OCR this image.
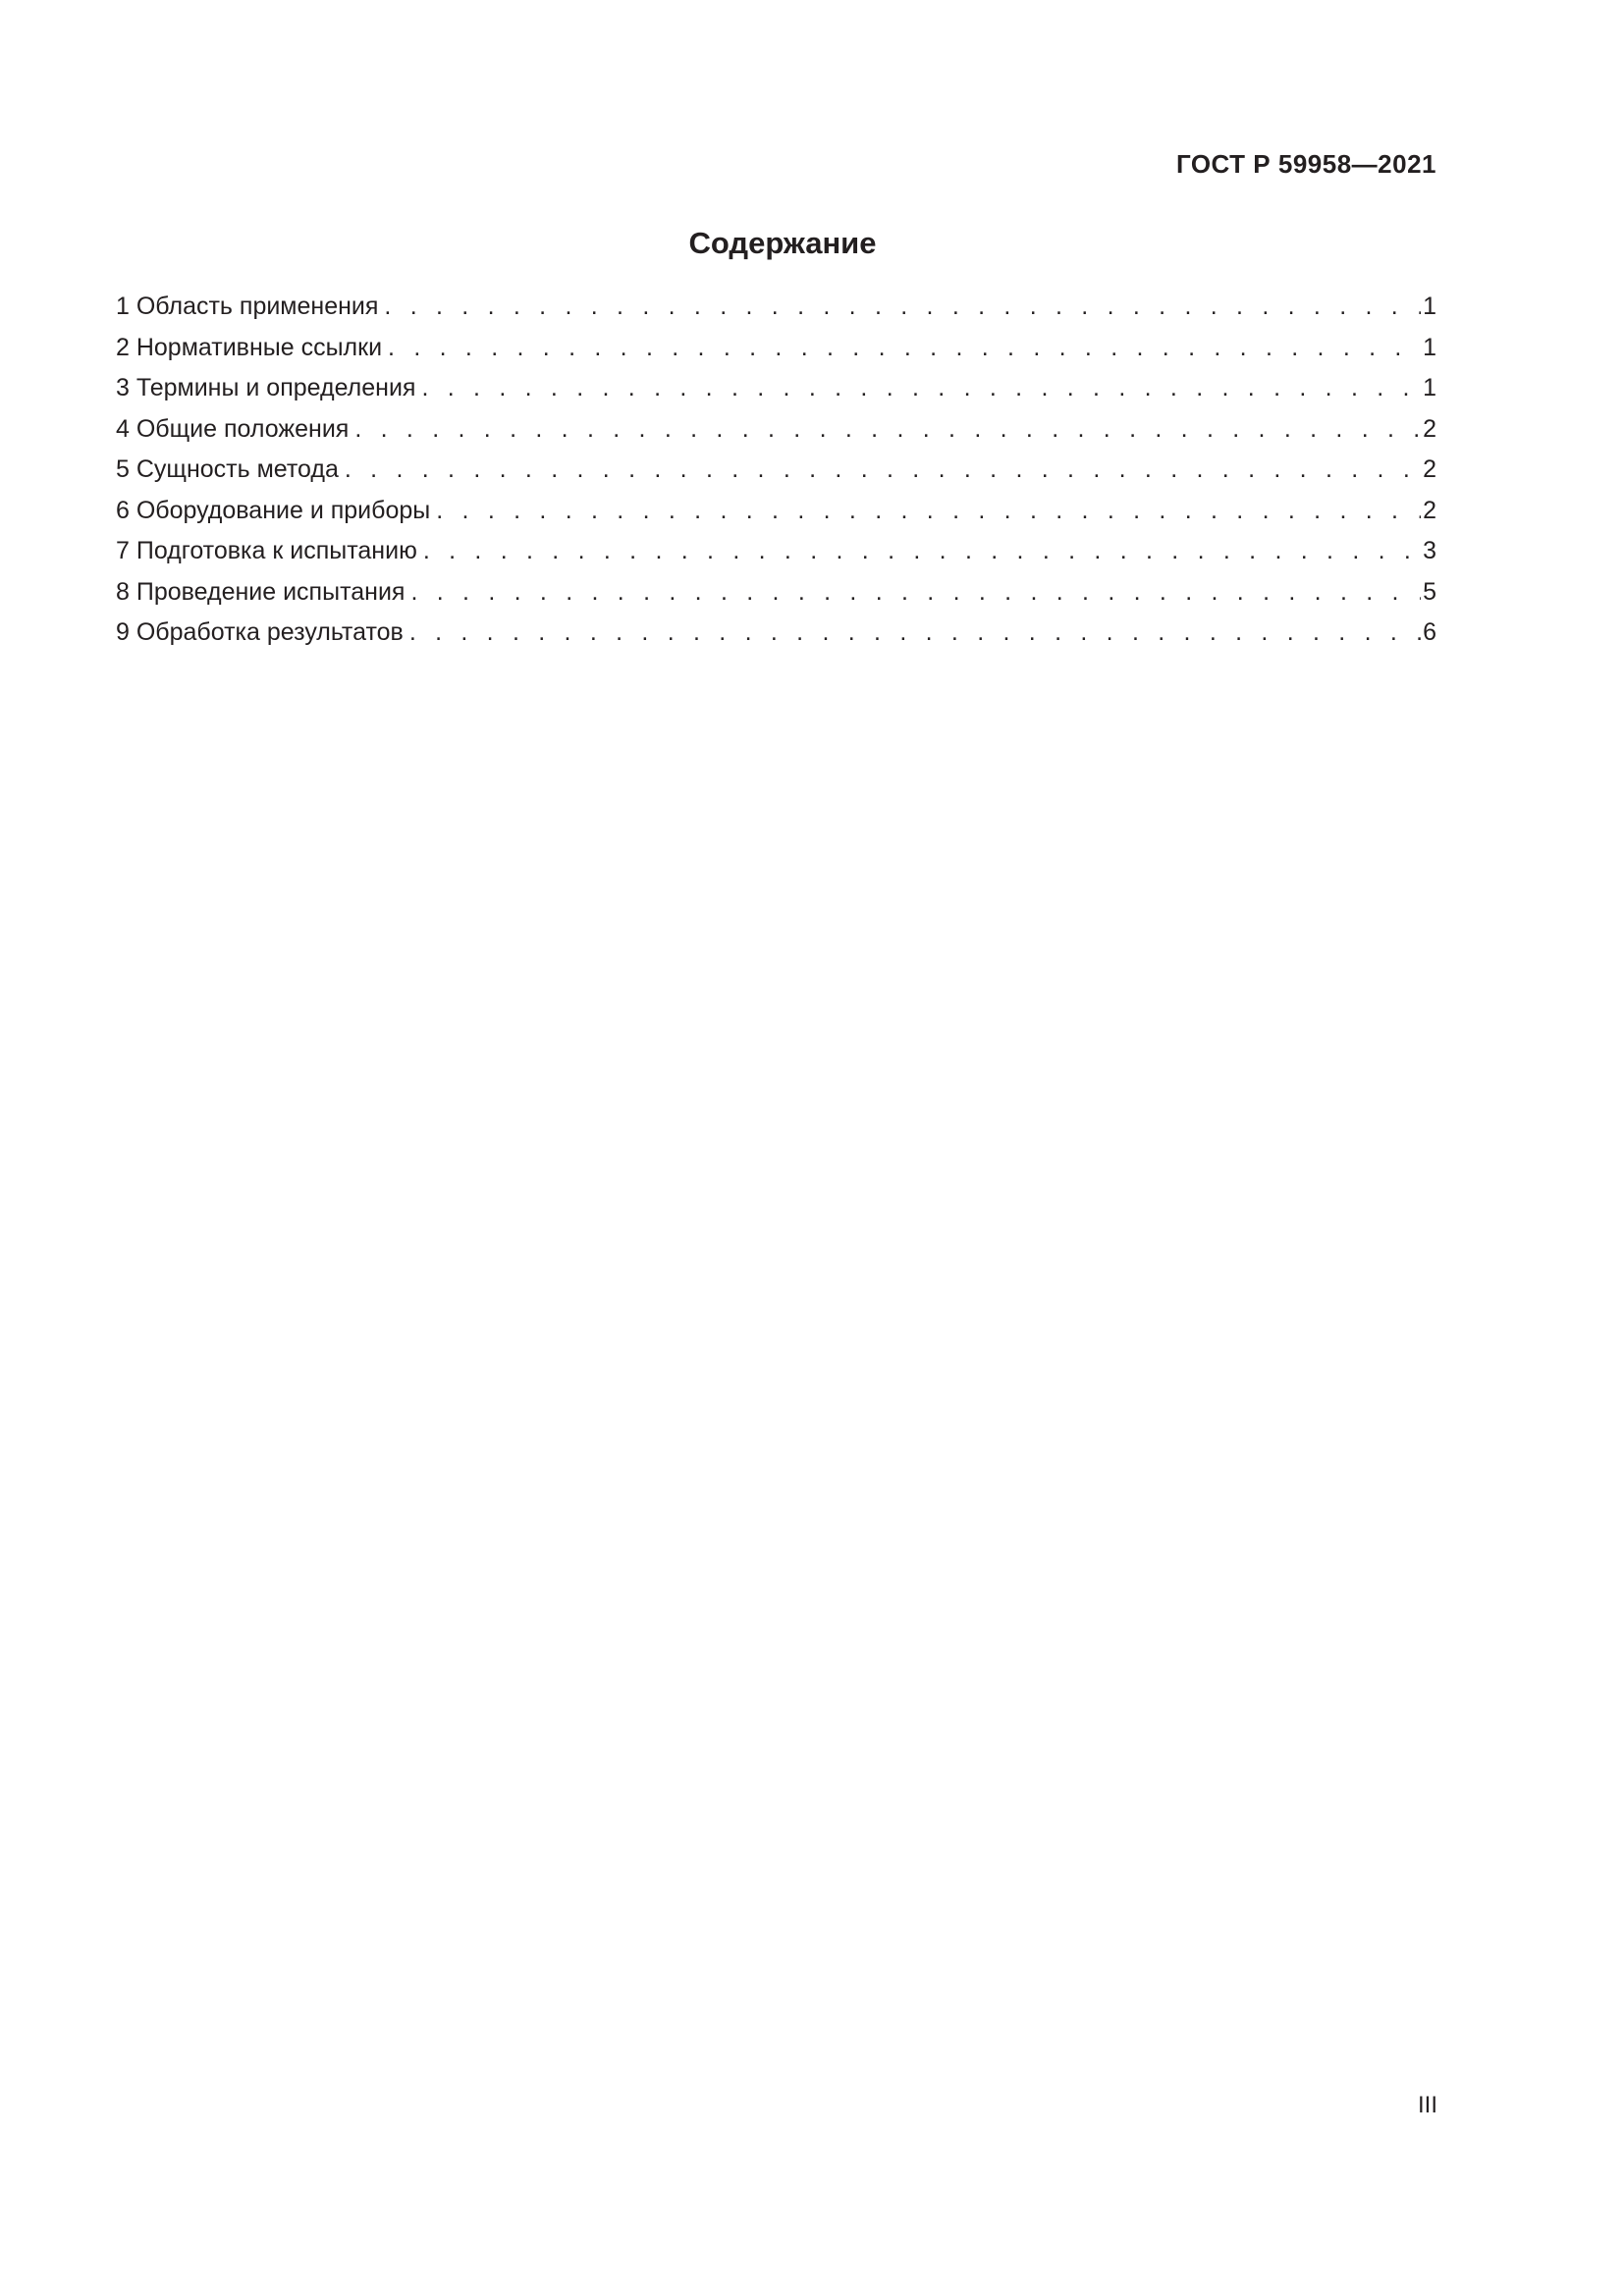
ГОСТ Р 59958—2021
Содержание
1 Область применения . . .	1
2 Нормативные ссылки . . .	1
3 Термины и определения . . .	1
4 Общие положения . . .	2
5 Сущность метода . . .	2
6 Оборудование и приборы . . .	2
7 Подготовка к испытанию . . .	3
8 Проведение испытания . . .	5
9 Обработка результатов . . .	6
III
